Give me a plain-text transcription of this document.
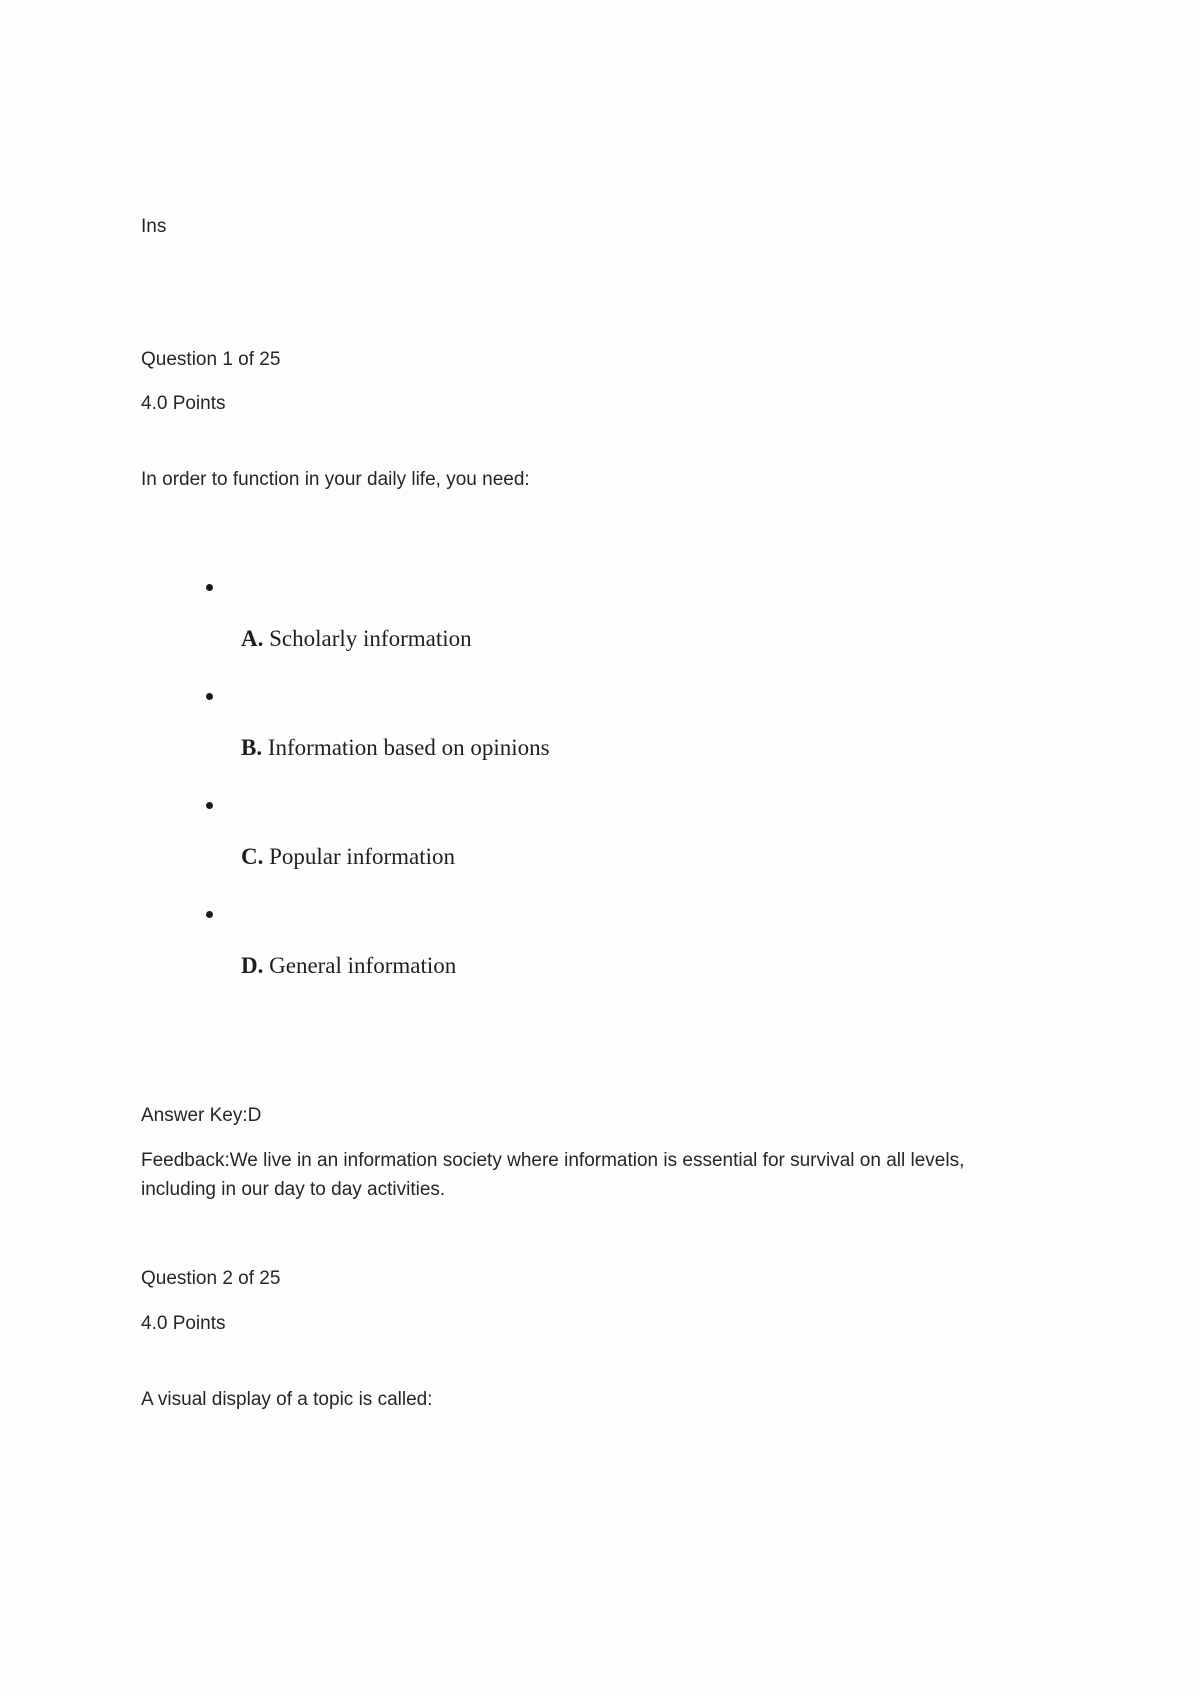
Ins

Question 1 of 25

4.0 Points

In order to function in your daily life, you need:

A. Scholarly information
B. Information based on opinions
C. Popular information
D. General information

Answer Key:D

Feedback:We live in an information society where information is essential for survival on all levels, including in our day to day activities.

Question 2 of 25

4.0 Points

A visual display of a topic is called:
